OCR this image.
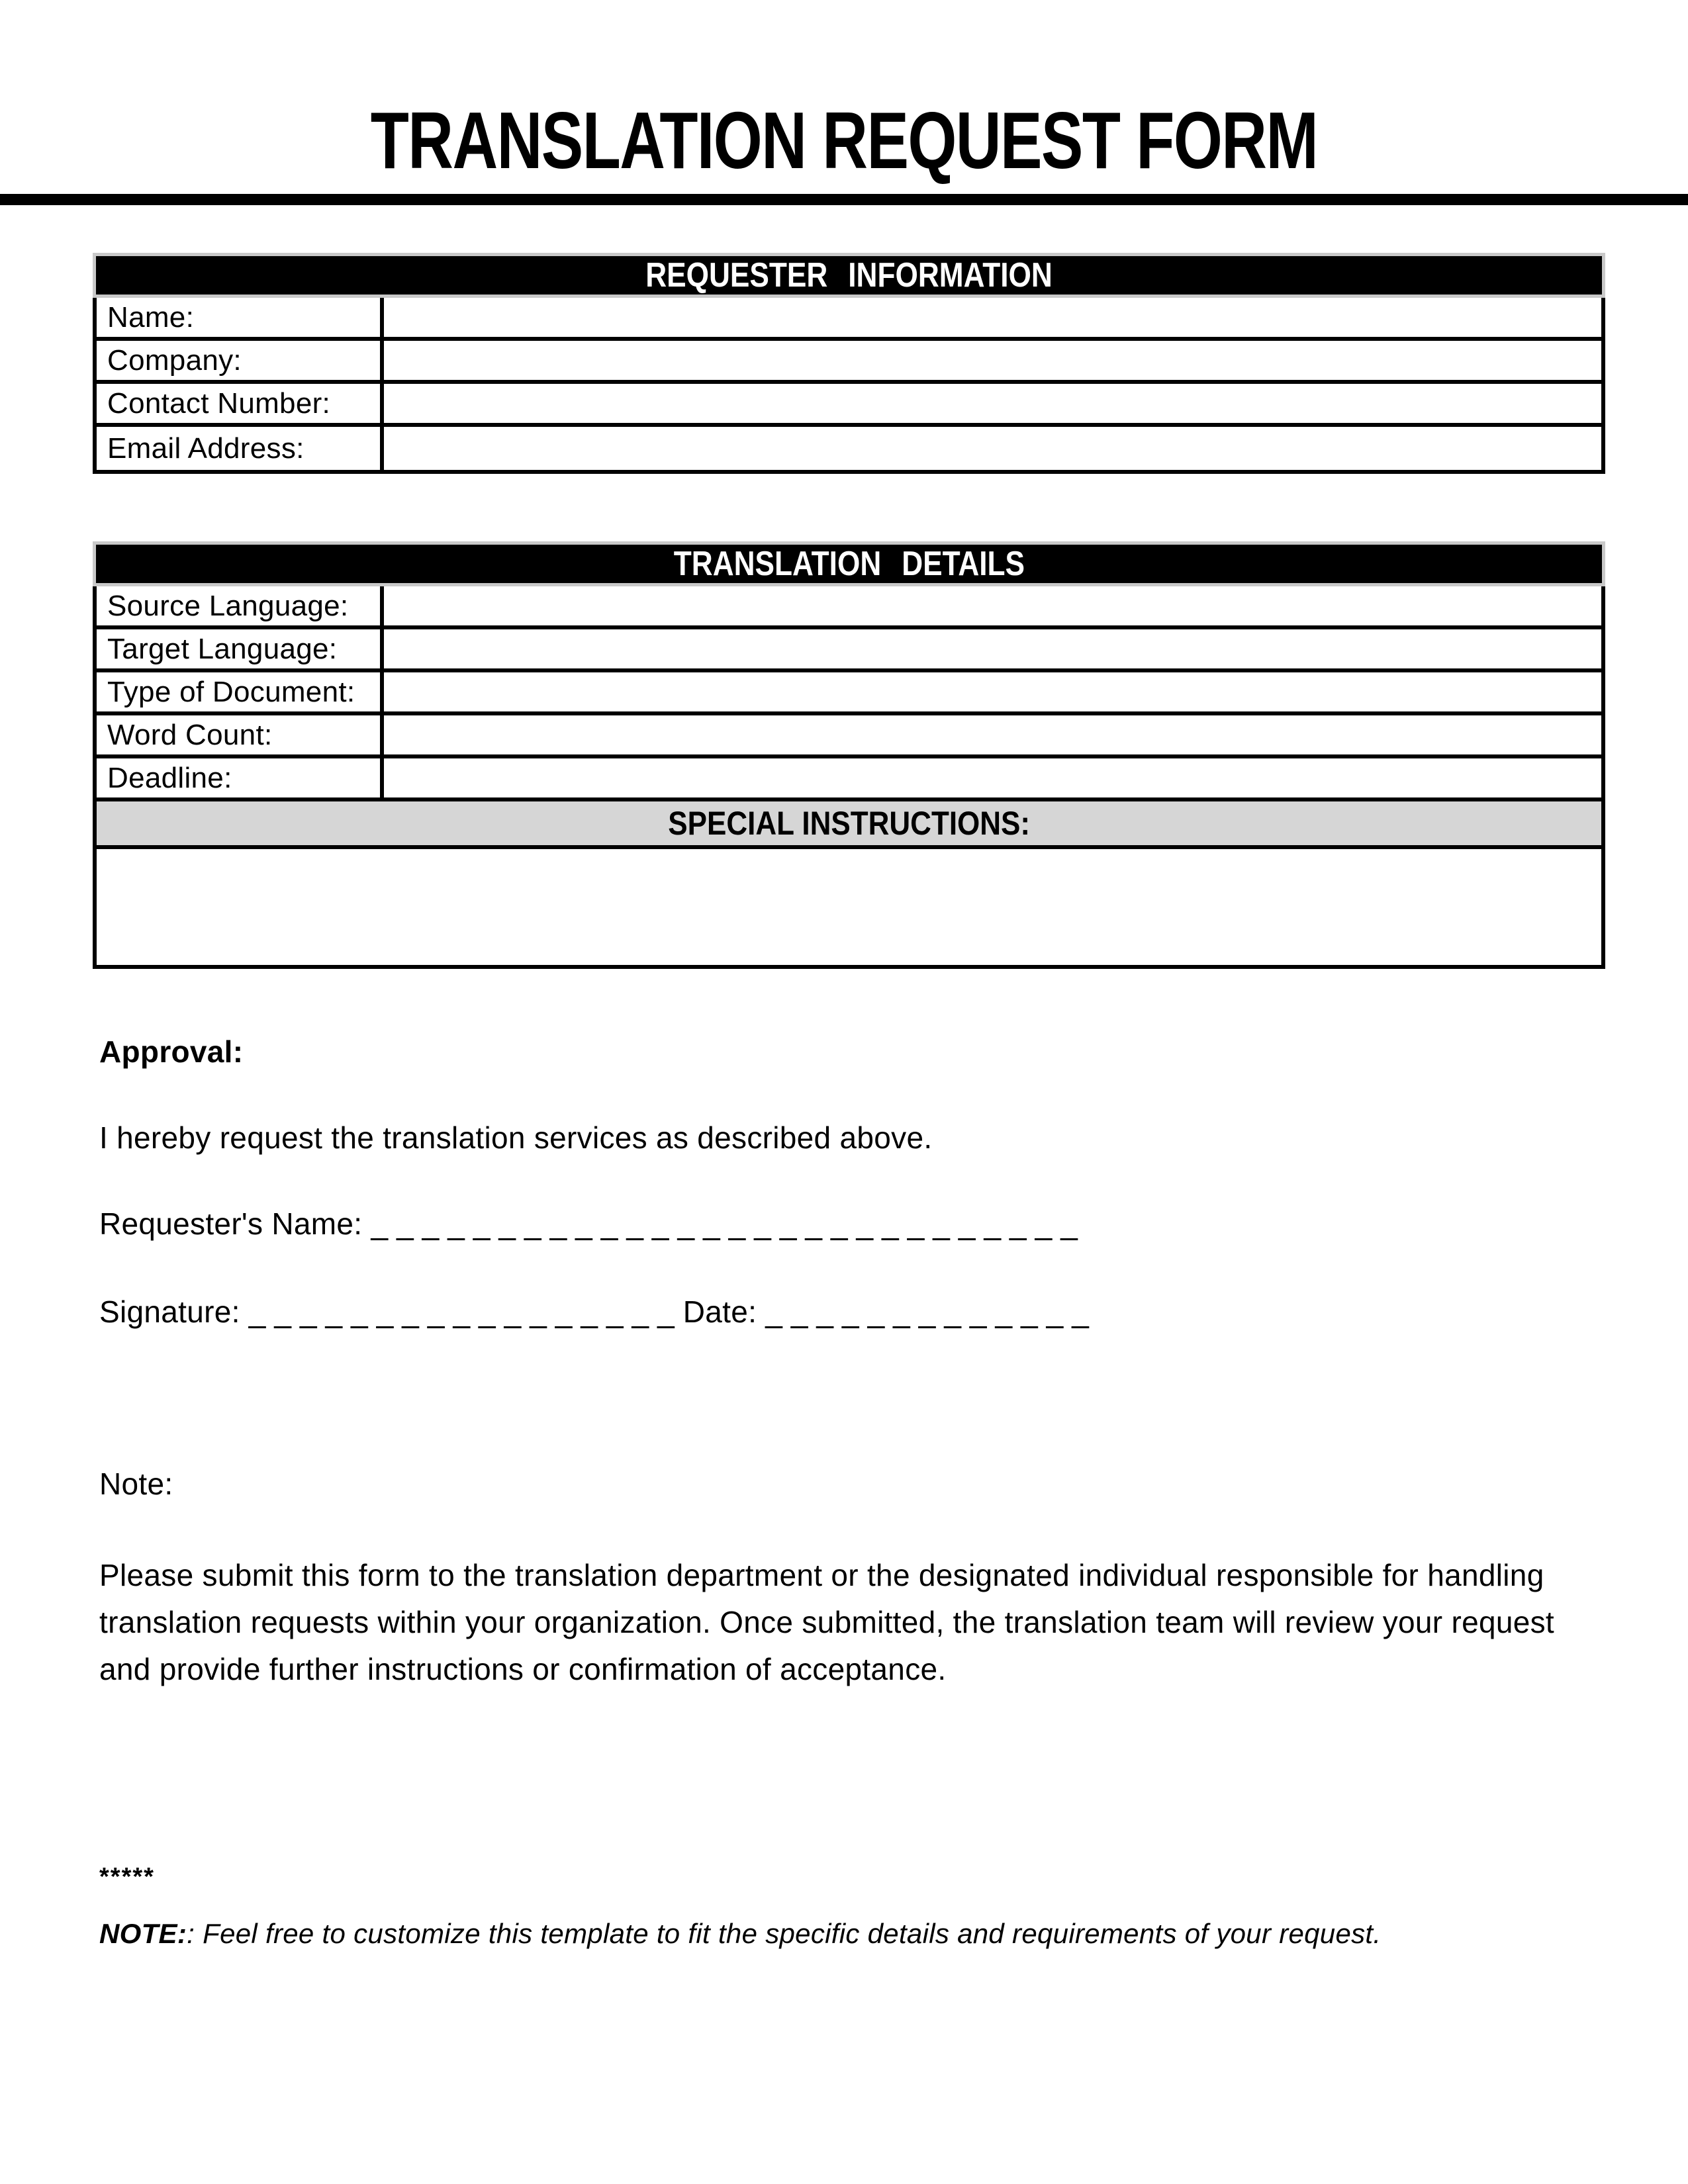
TRANSLATION REQUEST FORM
REQUESTER INFORMATION
Name:
Company:
Contact Number:
Email Address:
TRANSLATION DETAILS
Source Language:
Target Language:
Type of Document:
Word Count:
Deadline:
SPECIAL INSTRUCTIONS:
Approval:
I hereby request the translation services as described above.
Requester's Name: ____________________________
Signature: _________________Date: _____________
Note:
Please submit this form to the translation department or the designated individual responsible for handling translation requests within your organization. Once submitted, the translation team will review your request and provide further instructions or confirmation of acceptance.
*****
NOTE:: Feel free to customize this template to fit the specific details and requirements of your request.
